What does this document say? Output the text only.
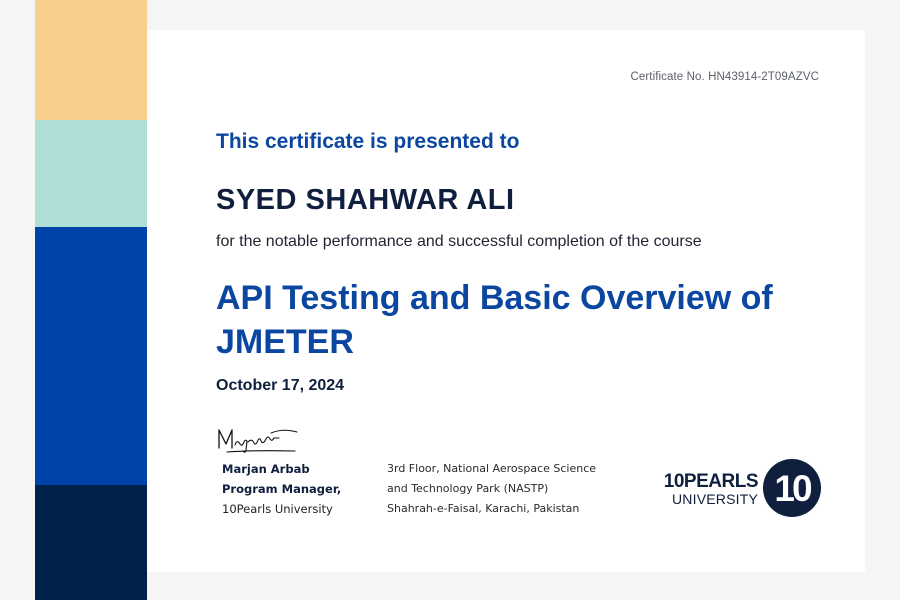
Certificate No. HN43914-2T09AZVC
This certificate is presented to
SYED SHAHWAR ALI
for the notable performance and successful completion of the course
API Testing and Basic Overview of JMETER
October 17, 2024
Marjan Arbab
Program Manager,
10Pearls University
3rd Floor, National Aerospace Science
and Technology Park (NASTP)
Shahrah-e-Faisal, Karachi, Pakistan
10PEARLS
UNIVERSITY 10
